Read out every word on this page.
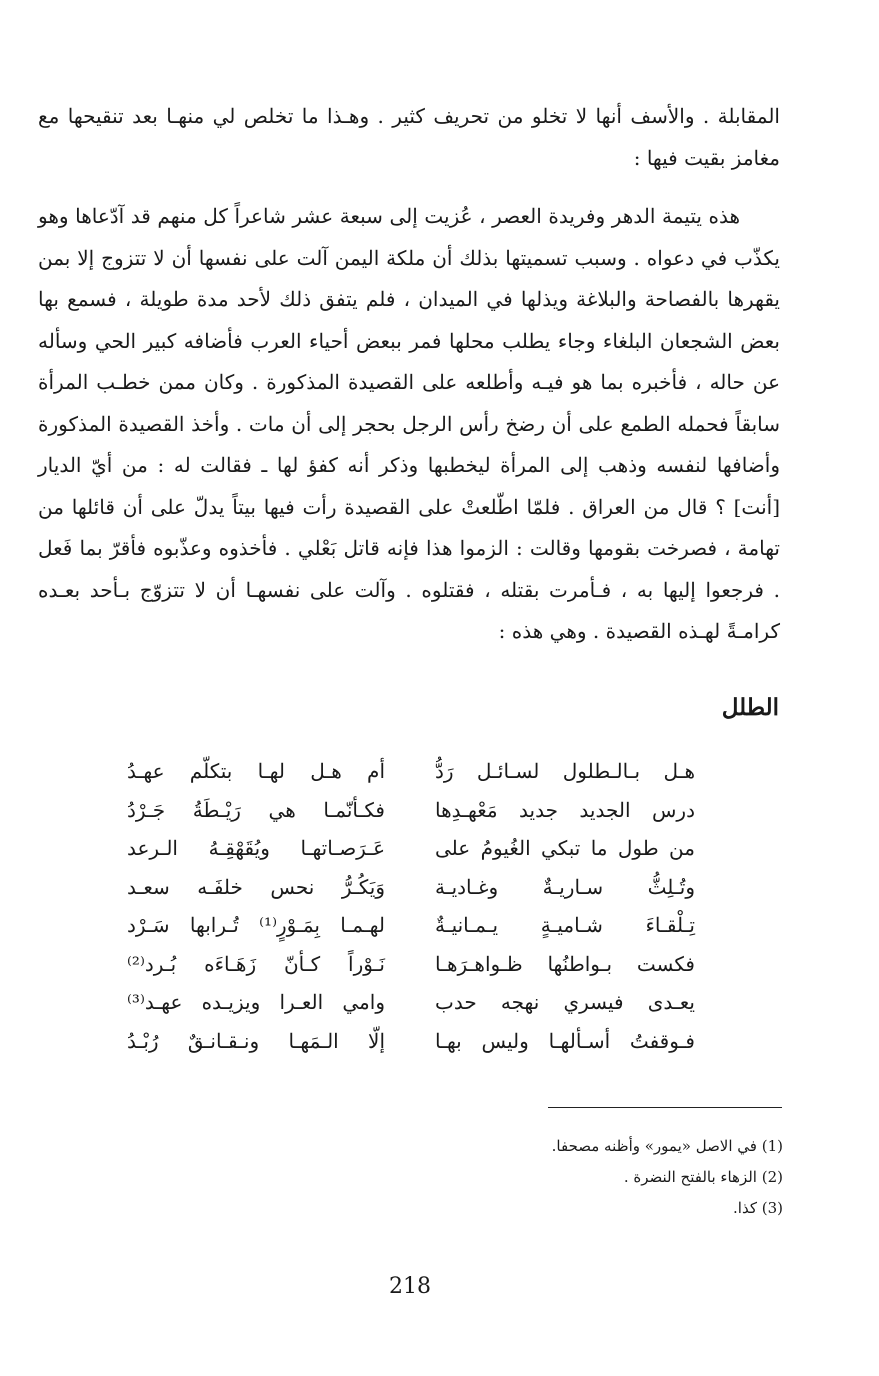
المقابلة . والأسف أنها لا تخلو من تحريف كثير . وهـذا ما تخلص لي منهـا بعد تنقيحها مع مغامز بقيت فيها :

هذه يتيمة الدهر وفريدة العصر ، عُزيت إلى سبعة عشر شاعراً كل منهم قد آدّعاها وهو يكذّب في دعواه . وسبب تسميتها بذلك أن ملكة اليمن آلت على نفسها أن لا تتزوج إلا بمن يقهرها بالفصاحة والبلاغة ويذلها في الميدان ، فلم يتفق ذلك لأحد مدة طويلة ، فسمع بها بعض الشجعان البلغاء وجاء يطلب محلها فمر ببعض أحياء العرب فأضافه كبير الحي وسأله عن حاله ، فأخبره بما هو فيـه وأطلعه على القصيدة المذكورة . وكان ممن خطـب المرأة سابقاً فحمله الطمع على أن رضخ رأس الرجل بحجر إلى أن مات . وأخذ القصيدة المذكورة وأضافها لنفسه وذهب إلى المرأة ليخطبها وذكر أنه كفؤ لها ـ فقالت له : من أيّ الديار [أنت] ؟ قال من العراق . فلمّا اطّلعتْ على القصيدة رأت فيها بيتاً يدلّ على أن قائلها من تهامة ، فصرخت بقومها وقالت : الزموا هذا فإنه قاتل بَعْلي . فأخذوه وعذّبوه فأقرّ بما فَعل . فرجعوا إليها به ، فـأمرت بقتله ، فقتلوه . وآلت على نفسهـا أن لا تتزوّج بـأحد بعـده كرامـةً لهـذه القصيدة . وهي هذه :

الطلل
هـل بـالـطلول لسـائـل رَدُّ
أم هـل لهـا بتكلّم عهـدُ
درس الجديد جديد مَعْهـدِها
فكـأنّمـا هي رَيْـطَةُ جَـرْدُ
من طول ما تبكي الغُيومُ على
عَـرَصـاتهـا ويُقَهْقِـهُ الـرعد
وتُـلِثُّ سـاريـةٌ وغـاديـة
وَيَكُـرُّ نحس خلفَـه سعـد
تِـلْقـاءَ شـاميـةٍ يـمـانيـةٌ
لهـمـا بِمَـوْرٍ⁽¹⁾ تُـرابها سَـرْد
فكست بـواطنُها ظـواهـرَهـا
نَـوْراً كـأنّ زَهَـاءَه بُـرد⁽²⁾
يعـدى فيسري نهجه حدب
وامي العـرا ويزيـده عهـد⁽³⁾
فـوقفتُ أسـألهـا وليس بهـا
إلّا الـمَهـا ونـقـانـقٌ رُبْـدُ
(1) في الاصل «يمور» وأظنه مصحفا.
(2) الزهاء بالفتح النضرة .
(3) كذا.
218
